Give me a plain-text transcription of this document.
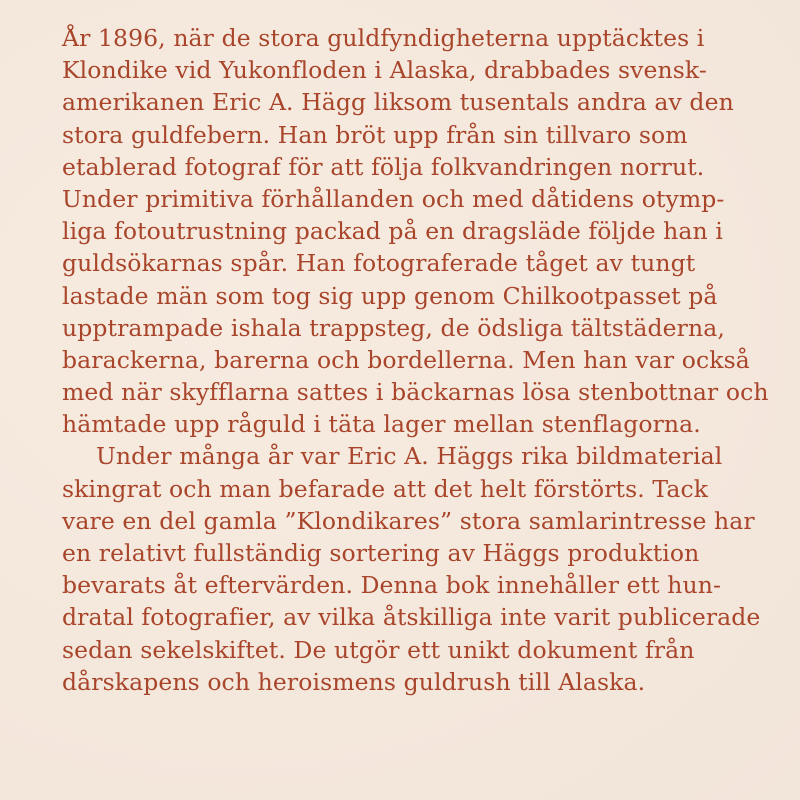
År 1896, när de stora guldfyndigheterna upptäcktes i
Klondike vid Yukonfloden i Alaska, drabbades svensk-
amerikanen Eric A. Hägg liksom tusentals andra av den
stora guldfebern. Han bröt upp från sin tillvaro som
etablerad fotograf för att följa folkvandringen norrut.
Under primitiva förhållanden och med dåtidens otymp-
liga fotoutrustning packad på en dragsläde följde han i
guldsökarnas spår. Han fotograferade tåget av tungt
lastade män som tog sig upp genom Chilkootpasset på
upptrampade ishala trappsteg, de ödsliga tältstäderna,
barackerna, barerna och bordellerna. Men han var också
med när skyfflarna sattes i bäckarnas lösa stenbottnar och
hämtade upp råguld i täta lager mellan stenflagorna.
Under många år var Eric A. Häggs rika bildmaterial
skingrat och man befarade att det helt förstörts. Tack
vare en del gamla ”Klondikares” stora samlarintresse har
en relativt fullständig sortering av Häggs produktion
bevarats åt eftervärden. Denna bok innehåller ett hun-
dratal fotografier, av vilka åtskilliga inte varit publicerade
sedan sekelskiftet. De utgör ett unikt dokument från
dårskapens och heroismens guldrush till Alaska.
